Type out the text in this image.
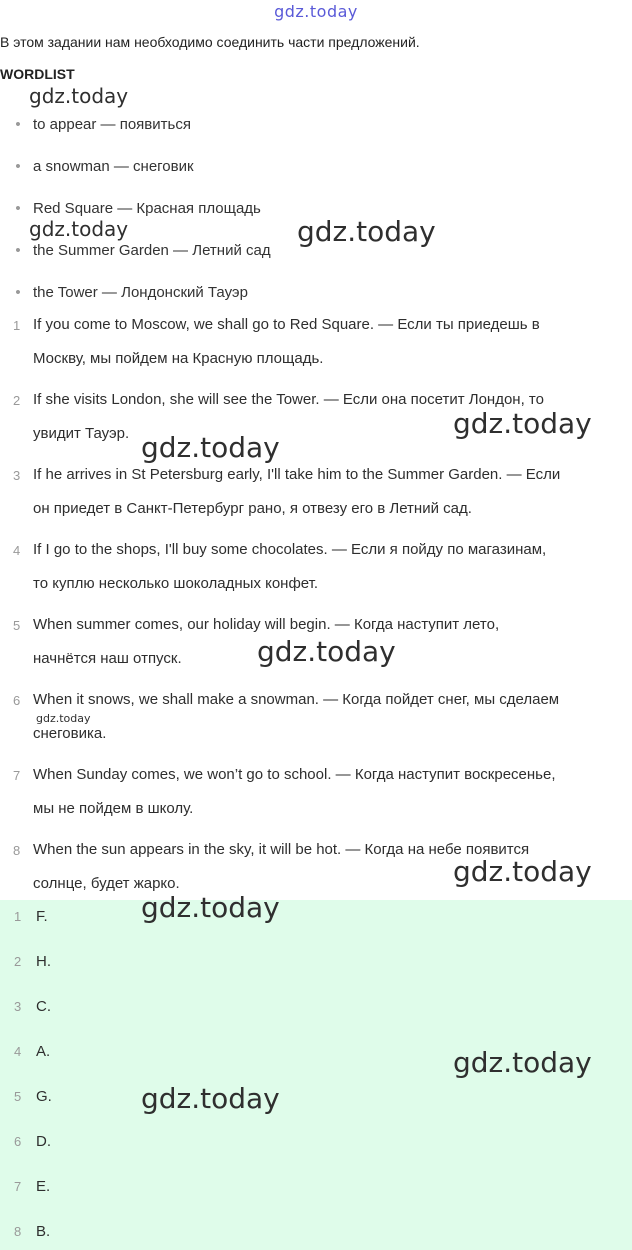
gdz.today
В этом задании нам необходимо соединить части предложений.
WORDLIST
• to appear — появиться
• a snowman — снеговик
• Red Square — Красная площадь
• the Summer Garden — Летний сад
• the Tower — Лондонский Тауэр
1 If you come to Moscow, we shall go to Red Square. — Если ты приедешь в
Москву, мы пойдем на Красную площадь.
2 If she visits London, she will see the Tower. — Если она посетит Лондон, то
увидит Тауэр.
3 If he arrives in St Petersburg early, I'll take him to the Summer Garden. — Если
он приедет в Санкт-Петербург рано, я отвезу его в Летний сад.
4 If I go to the shops, I'll buy some chocolates. — Если я пойду по магазинам,
то куплю несколько шоколадных конфет.
5 When summer comes, our holiday will begin. — Когда наступит лето,
начнётся наш отпуск.
6 When it snows, we shall make a snowman. — Когда пойдет снег, мы сделаем
снеговика.
7 When Sunday comes, we won’t go to school. — Когда наступит воскресенье,
мы не пойдем в школу.
8 When the sun appears in the sky, it will be hot. — Когда на небе появится
солнце, будет жарко.
1 F.
2 H.
3 C.
4 A.
5 G.
6 D.
7 E.
8 B.
gdz.today
gdz.today	gdz.today
gdz.today
gdz.today
gdz.today
gdz.today
gdz.today
gdz.today
gdz.today
gdz.today
